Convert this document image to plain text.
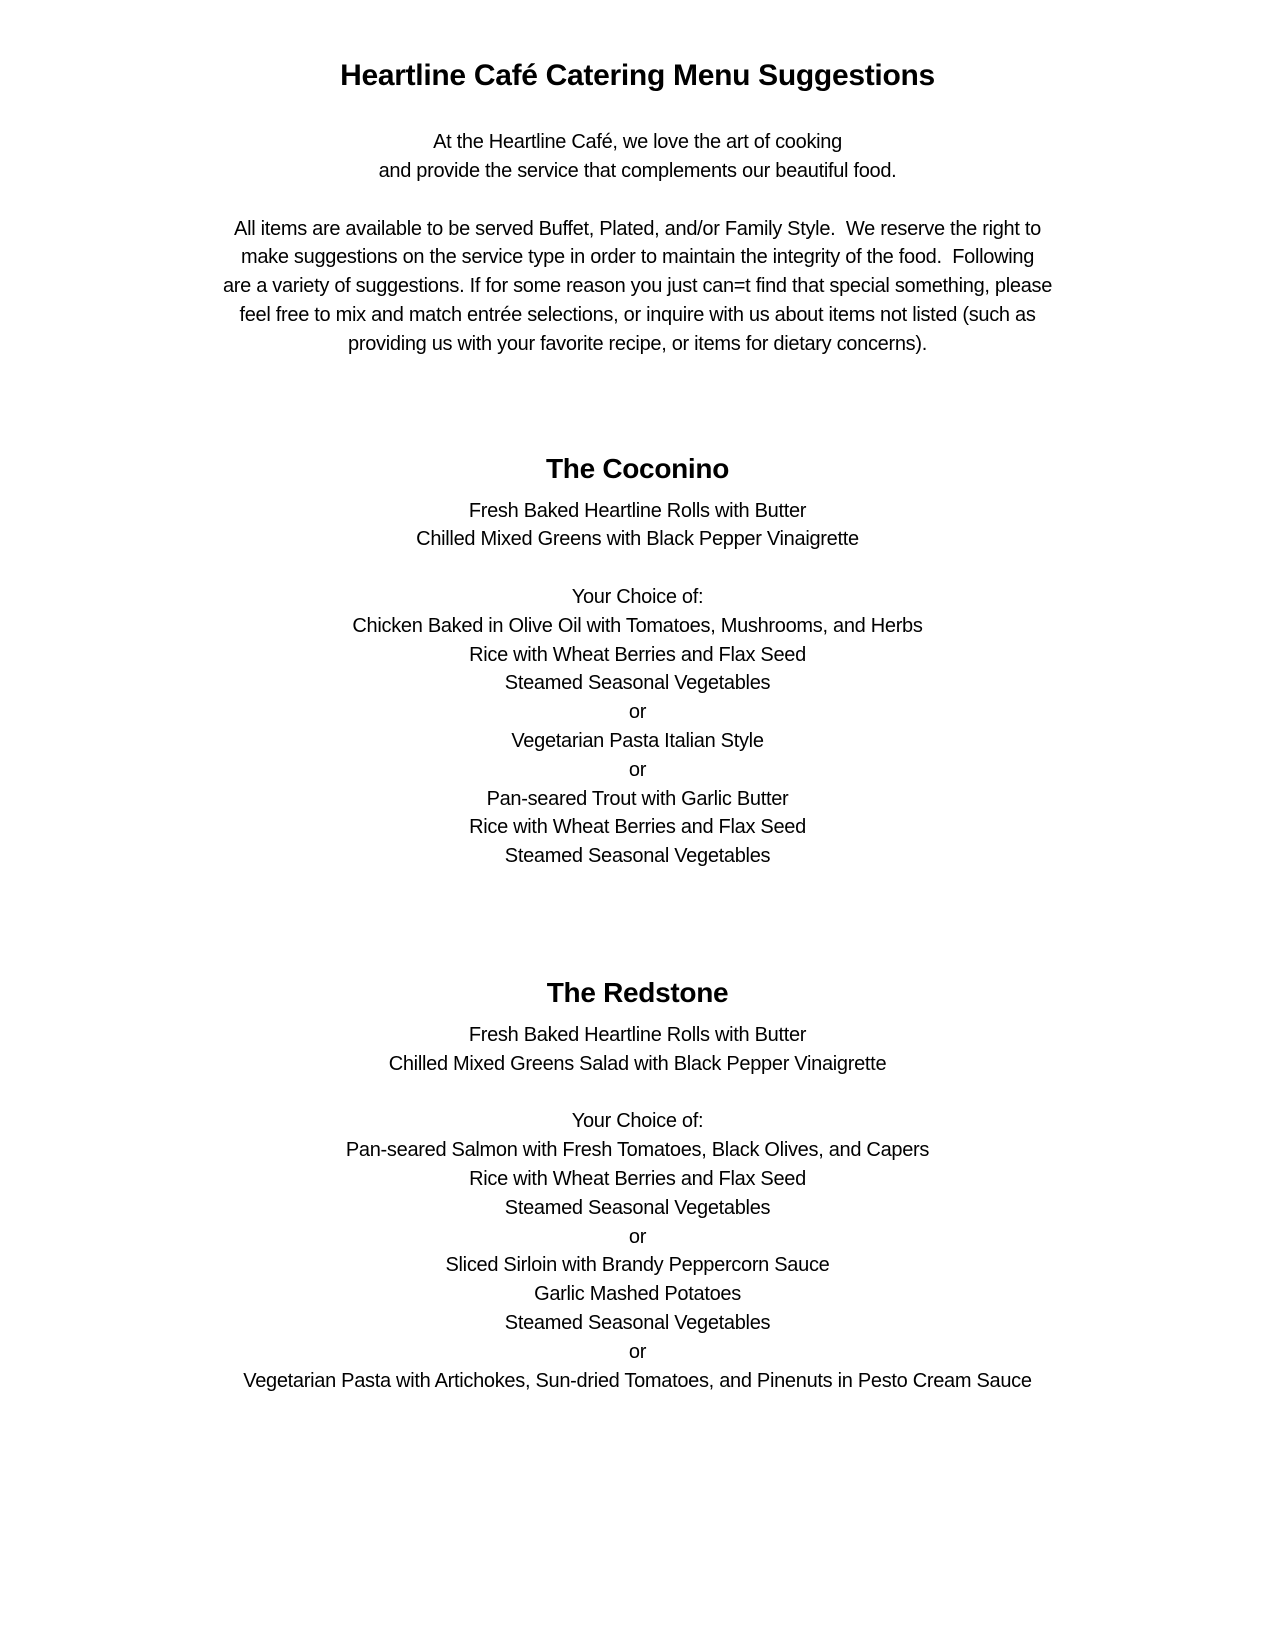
Heartline Café Catering Menu Suggestions
At the Heartline Café, we love the art of cooking
and provide the service that complements our beautiful food.
All items are available to be served Buffet, Plated, and/or Family Style.  We reserve the right to
make suggestions on the service type in order to maintain the integrity of the food.  Following
are a variety of suggestions. If for some reason you just can=t find that special something, please
feel free to mix and match entrée selections, or inquire with us about items not listed (such as
providing us with your favorite recipe, or items for dietary concerns).
The Coconino
Fresh Baked Heartline Rolls with Butter
Chilled Mixed Greens with Black Pepper Vinaigrette
Your Choice of:
Chicken Baked in Olive Oil with Tomatoes, Mushrooms, and Herbs
Rice with Wheat Berries and Flax Seed
Steamed Seasonal Vegetables
or
Vegetarian Pasta Italian Style
or
Pan-seared Trout with Garlic Butter
Rice with Wheat Berries and Flax Seed
Steamed Seasonal Vegetables
The Redstone
Fresh Baked Heartline Rolls with Butter
Chilled Mixed Greens Salad with Black Pepper Vinaigrette
Your Choice of:
Pan-seared Salmon with Fresh Tomatoes, Black Olives, and Capers
Rice with Wheat Berries and Flax Seed
Steamed Seasonal Vegetables
or
Sliced Sirloin with Brandy Peppercorn Sauce
Garlic Mashed Potatoes
Steamed Seasonal Vegetables
or
Vegetarian Pasta with Artichokes, Sun-dried Tomatoes, and Pinenuts in Pesto Cream Sauce
